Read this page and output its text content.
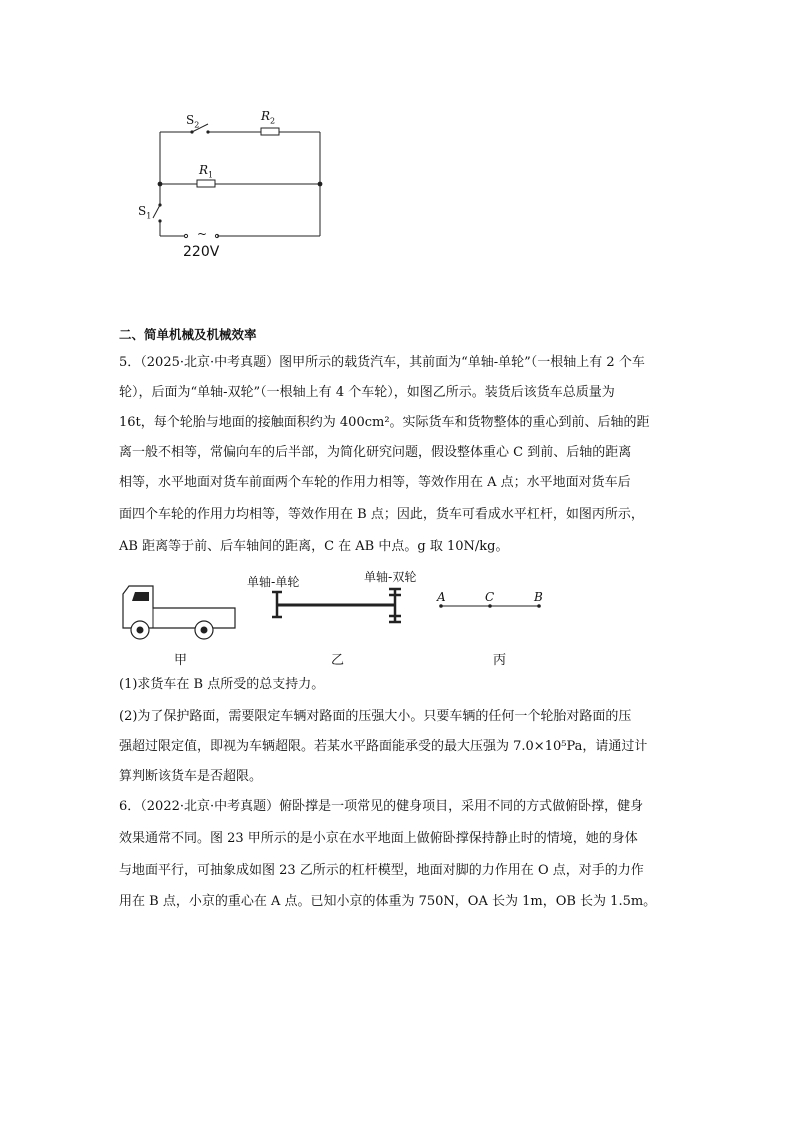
$S_2$
$R_2$
$R_1$
$S_1$
~
220V
二、简单机械及机械效率
5．（2025·北京·中考真题）图甲所示的载货汽车，其前面为“单轴-单轮”（一根轴上有 2 个车
轮），后面为“单轴-双轮”（一根轴上有 4 个车轮），如图乙所示。装货后该货车总质量为
16t，每个轮胎与地面的接触面积约为 400cm²。实际货车和货物整体的重心到前、后轴的距
离一般不相等，常偏向车的后半部，为简化研究问题，假设整体重心 C 到前、后轴的距离
相等，水平地面对货车前面两个车轮的作用力相等，等效作用在 A 点；水平地面对货车后
面四个车轮的作用力均相等，等效作用在 B 点；因此，货车可看成水平杠杆，如图丙所示，
AB 距离等于前、后车轴间的距离，C 在 AB 中点。g 取 10N/kg。
单轴-单轮	单轴-双轮
A	C	B
甲	乙	丙
(1)求货车在 B 点所受的总支持力。
(2)为了保护路面，需要限定车辆对路面的压强大小。只要车辆的任何一个轮胎对路面的压
强超过限定值，即视为车辆超限。若某水平路面能承受的最大压强为 7.0×10⁵Pa，请通过计
算判断该货车是否超限。
6．（2022·北京·中考真题）俯卧撑是一项常见的健身项目，采用不同的方式做俯卧撑，健身
效果通常不同。图 23 甲所示的是小京在水平地面上做俯卧撑保持静止时的情境，她的身体
与地面平行，可抽象成如图 23 乙所示的杠杆模型，地面对脚的力作用在 O 点，对手的力作
用在 B 点，小京的重心在 A 点。已知小京的体重为 750N，OA 长为 1m，OB 长为 1.5m。
